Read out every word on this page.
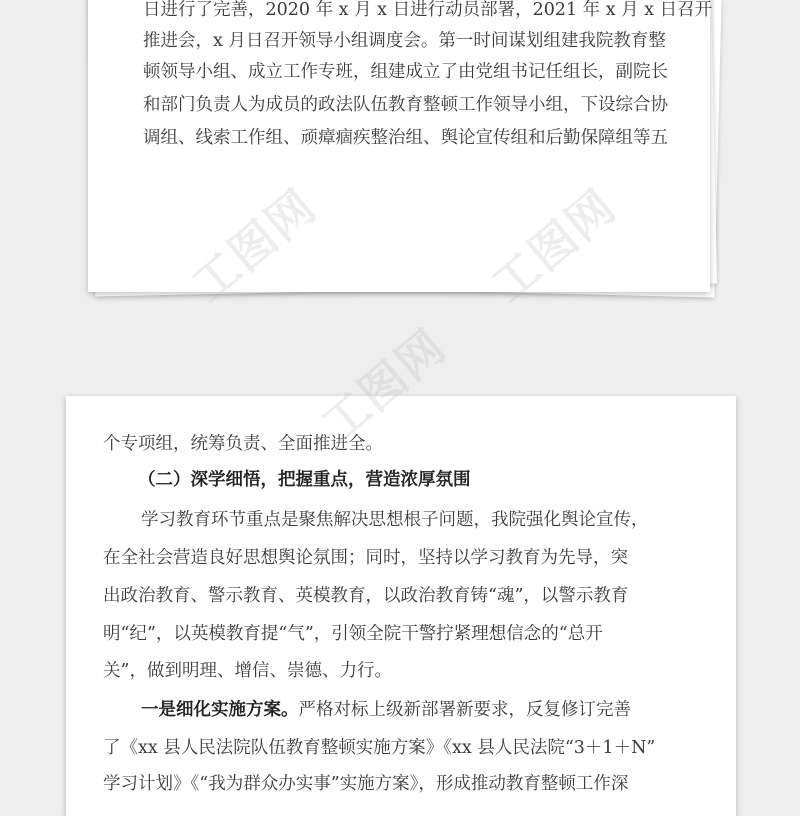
日进行了完善，2020 年 x 月 x 日进行动员部署，2021 年 x 月 x 日召开
推进会，x 月日召开领导小组调度会。第一时间谋划组建我院教育整
顿领导小组、成立工作专班，组建成立了由党组书记任组长，副院长
和部门负责人为成员的政法队伍教育整顿工作领导小组，下设综合协
调组、线索工作组、顽瘴痼疾整治组、舆论宣传组和后勤保障组等五
个专项组，统筹负责、全面推进全。
（二）深学细悟，把握重点，营造浓厚氛围
学习教育环节重点是聚焦解决思想根子问题，我院强化舆论宣传，
在全社会营造良好思想舆论氛围；同时，坚持以学习教育为先导，突
出政治教育、警示教育、英模教育，以政治教育铸“魂”，以警示教育
明“纪”，以英模教育提“气”，引领全院干警拧紧理想信念的“总开
关”，做到明理、增信、崇德、力行。
一是细化实施方案。严格对标上级新部署新要求，反复修订完善
了《xx 县人民法院队伍教育整顿实施方案》《xx 县人民法院“3＋1＋N”
学习计划》《“我为群众办实事”实施方案》，形成推动教育整顿工作深
工图网	工图网
工图网
